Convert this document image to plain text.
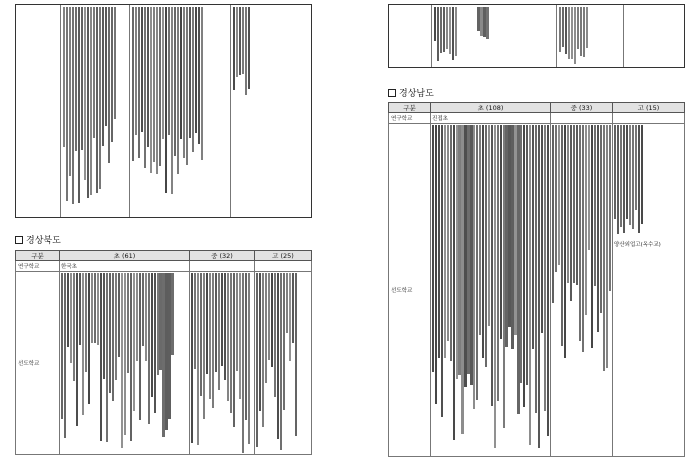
경상북도
구분	초 (61)	중 (32)	고 (25)
연구학교	한국초		
선도학교	

경상남도
구분	초 (108)	중 (33)	고 (15)
연구학교	진접초		
선도학교			양산외업고(옥수교)
